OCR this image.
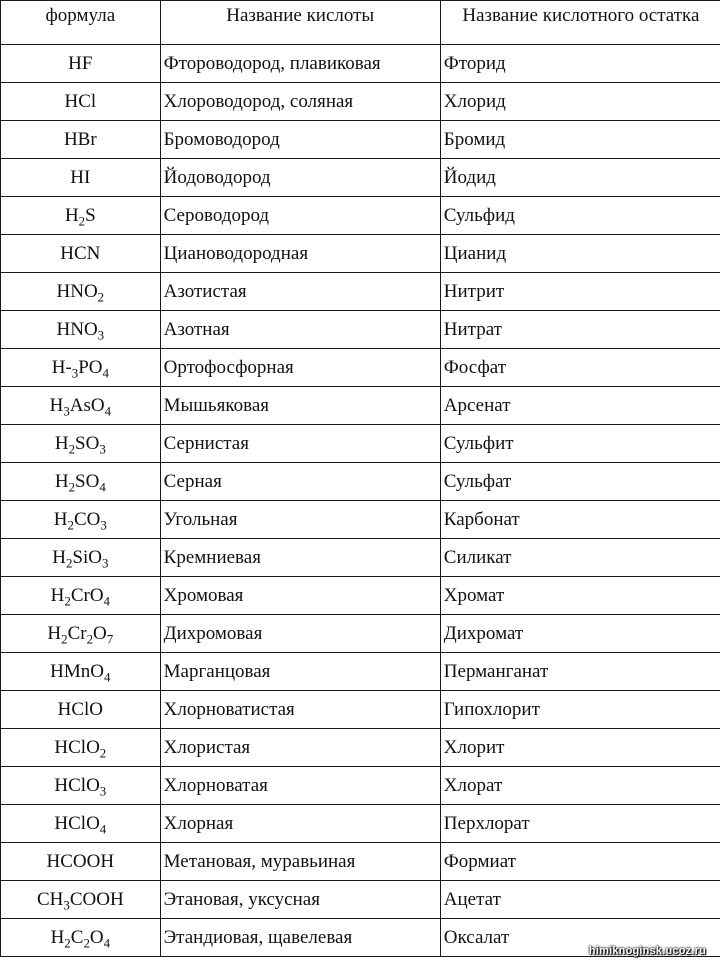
формула	Название кислоты	Название кислотного остатка
HF	Фтороводород, плавиковая	Фторид
HCl	Хлороводород, соляная	Хлорид
HBr	Бромоводород	Бромид
HI	Йодоводород	Йодид
$H_2S$	Сероводород	Сульфид
HCN	Циановодородная	Цианид
$HNO_2$	Азотистая	Нитрит
$HNO_3$	Азотная	Нитрат
$H-_3PO_4$	Ортофосфорная	Фосфат
$H_3AsO_4$	Мышьяковая	Арсенат
$H_2SO_3$	Сернистая	Сульфит
$H_2SO_4$	Серная	Сульфат
$H_2CO_3$	Угольная	Карбонат
$H_2SiO_3$	Кремниевая	Силикат
$H_2CrO_4$	Хромовая	Хромат
$H_2Cr_2O_7$	Дихромовая	Дихромат
HMnO$_4$	Марганцовая	Перманганат
HClO	Хлорноватистая	Гипохлорит
HClO$_2$	Хлористая	Хлорит
HClO$_3$	Хлорноватая	Хлорат
HClO$_4$	Хлорная	Перхлорат
HCOOH	Метановая, муравьиная	Формиат
$CH_3COOH$	Этановая, уксусная	Ацетат
$H_2C_2O_4$	Этандиовая, щавелевая	Оксалат
himiknoginsk.ucoz.ru
